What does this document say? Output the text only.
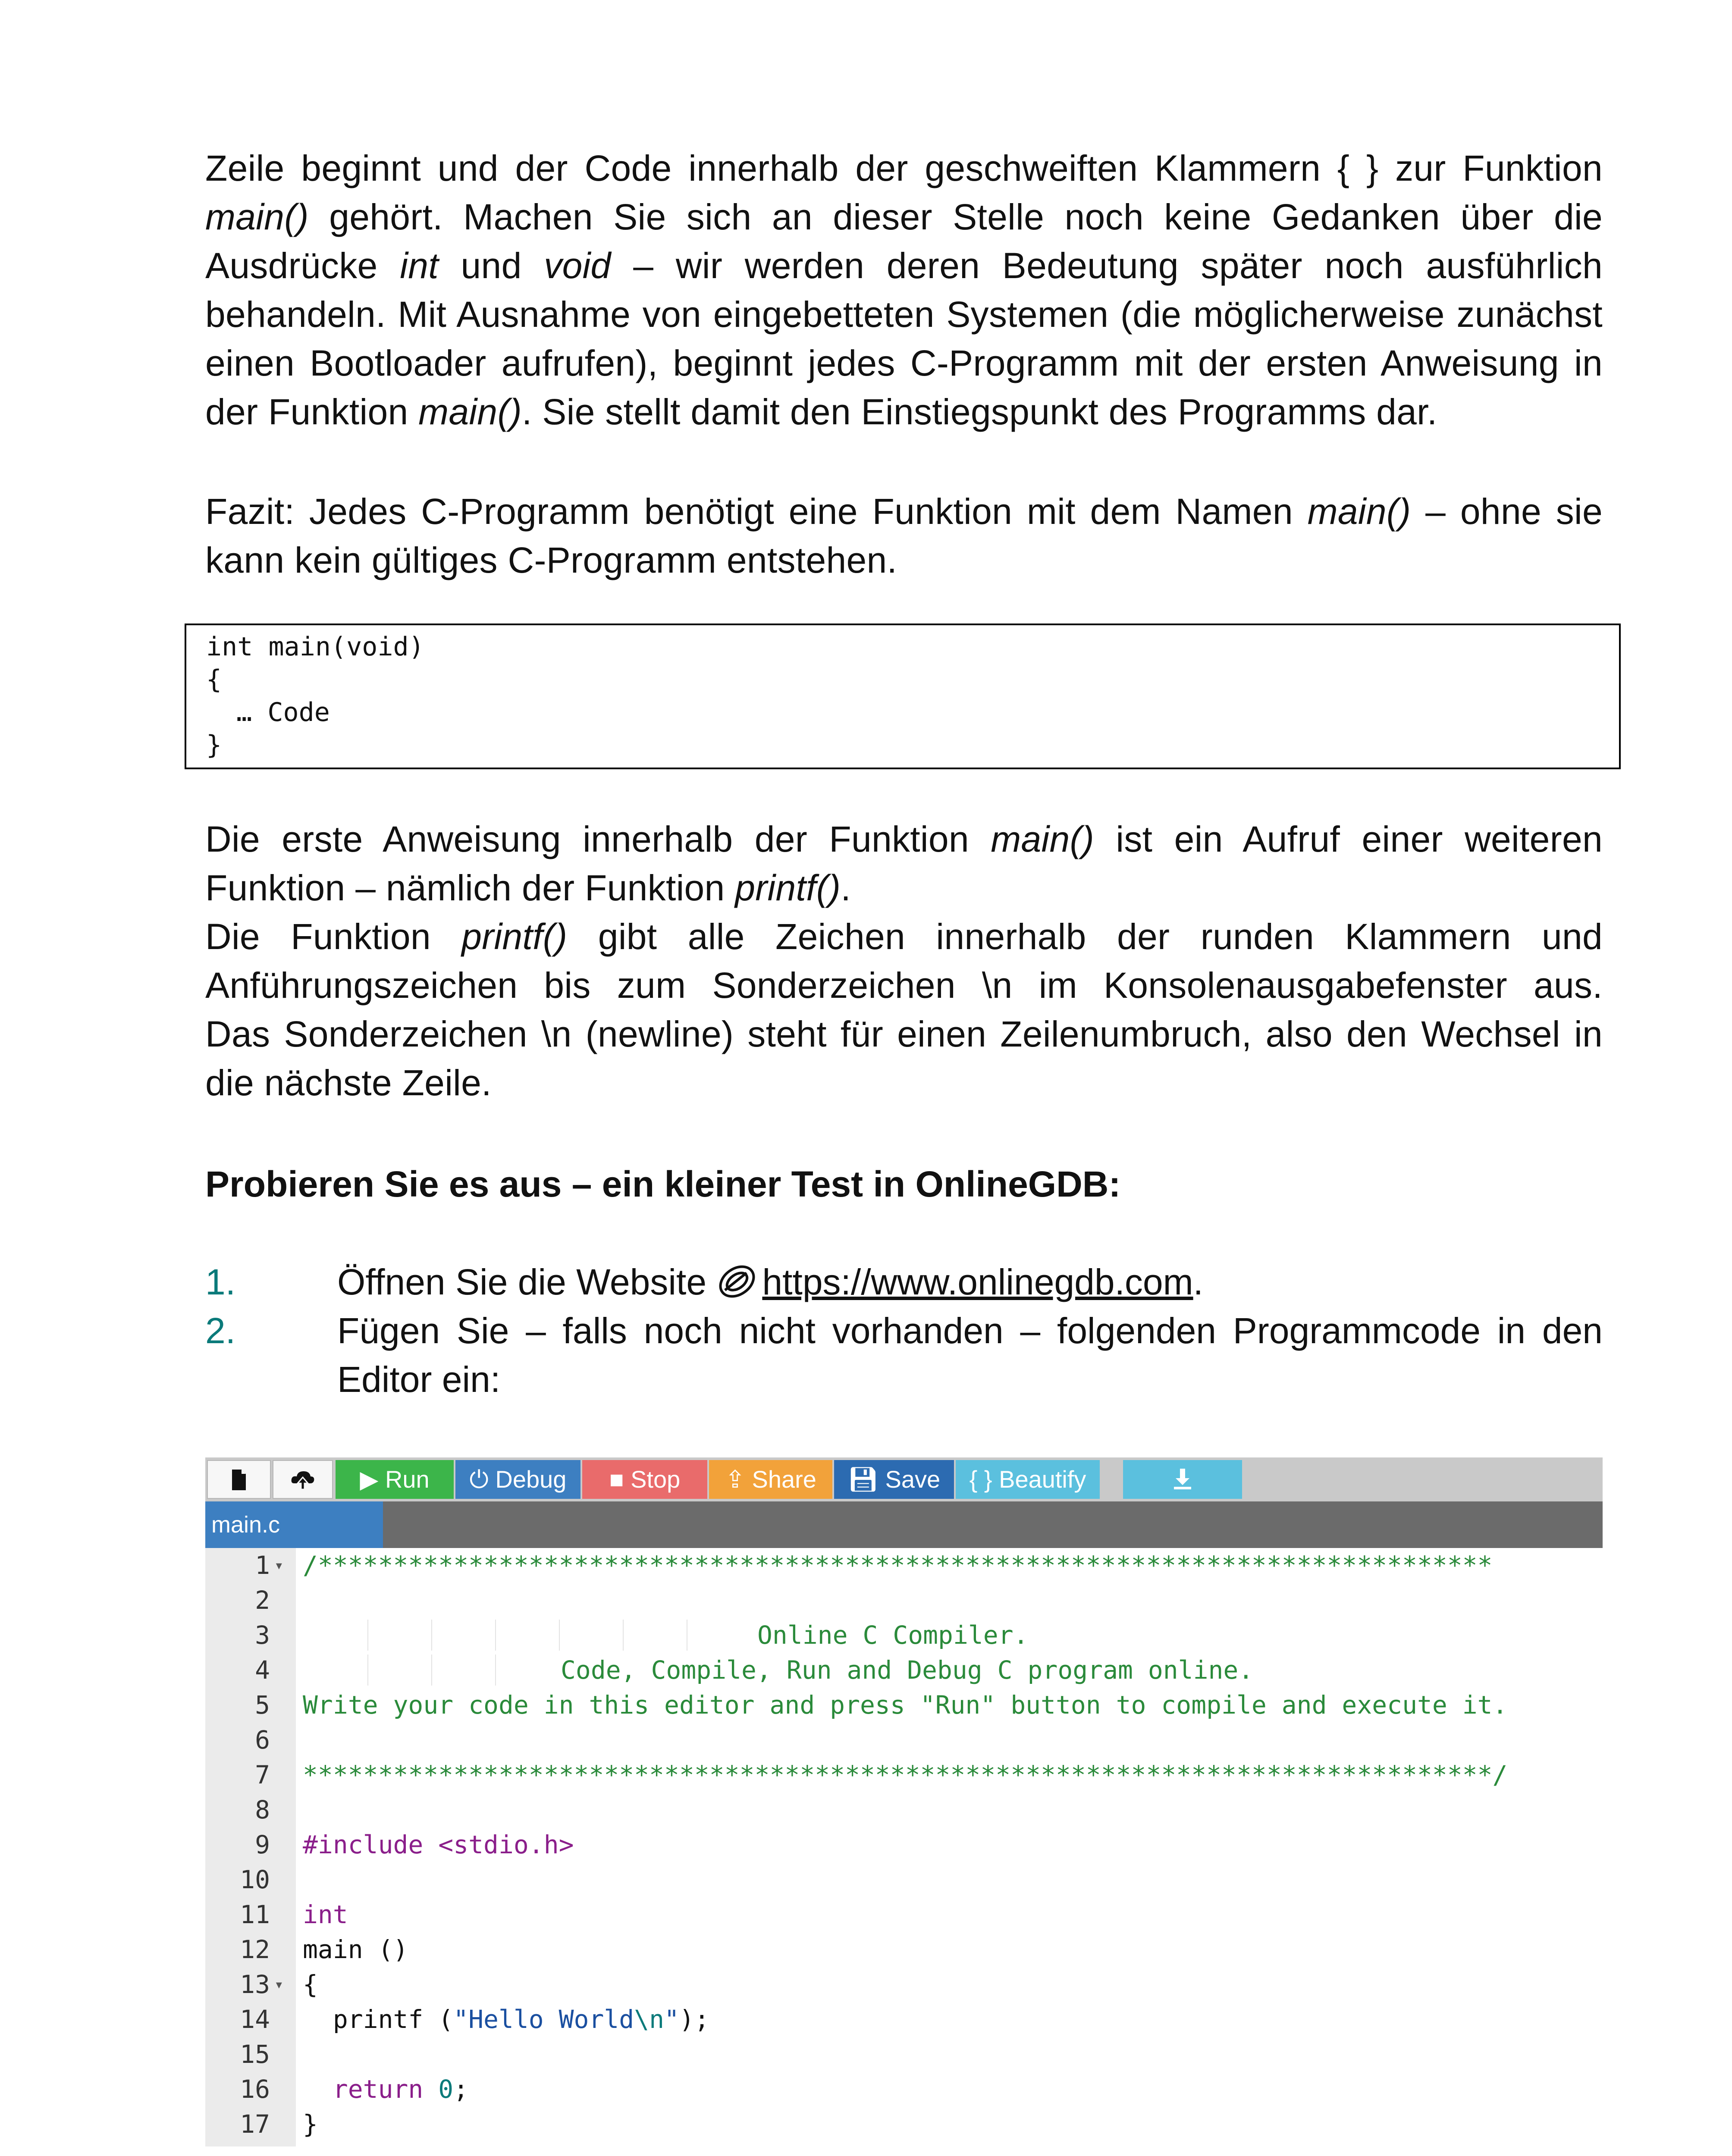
Zeile beginnt und der Code innerhalb der geschweiften Klammern { } zur Funktion
main() gehört. Machen Sie sich an dieser Stelle noch keine Gedanken über die
Ausdrücke int und void – wir werden deren Bedeutung später noch ausführlich
behandeln. Mit Ausnahme von eingebetteten Systemen (die möglicherweise zunächst
einen Bootloader aufrufen), beginnt jedes C-Programm mit der ersten Anweisung in
der Funktion main(). Sie stellt damit den Einstiegspunkt des Programms dar.

Fazit: Jedes C-Programm benötigt eine Funktion mit dem Namen main() – ohne sie
kann kein gültiges C-Programm entstehen.

int main(void)
{
… Code
}

Die erste Anweisung innerhalb der Funktion main() ist ein Aufruf einer weiteren
Funktion – nämlich der Funktion printf().
Die Funktion printf() gibt alle Zeichen innerhalb der runden Klammern und
Anführungszeichen bis zum Sonderzeichen \n im Konsolenausgabefenster aus.
Das Sonderzeichen \n (newline) steht für einen Zeilenumbruch, also den Wechsel in
die nächste Zeile.

Probieren Sie es aus – ein kleiner Test in OnlineGDB:
1.	Öffnen Sie die Website https://www.onlinegdb.com.
2.	Fügen Sie – falls noch nicht vorhanden – folgenden Programmcode in den
Editor ein:
▶ Run	⏻ Debug	■ Stop	⇪ Share	💾︎ Save	{ } Beautify
main.c
1 ▾ /******************************************************************************
2
3	Online C Compiler.
4	Code, Compile, Run and Debug C program online.
5 Write your code in this editor and press "Run" button to compile and execute it.
6
7 *******************************************************************************/
8
9 #include <stdio.h>
10
11 int
12 main ()
13 ▾ {
14 printf ("Hello World\n");
15
16 return 0;
17 }
